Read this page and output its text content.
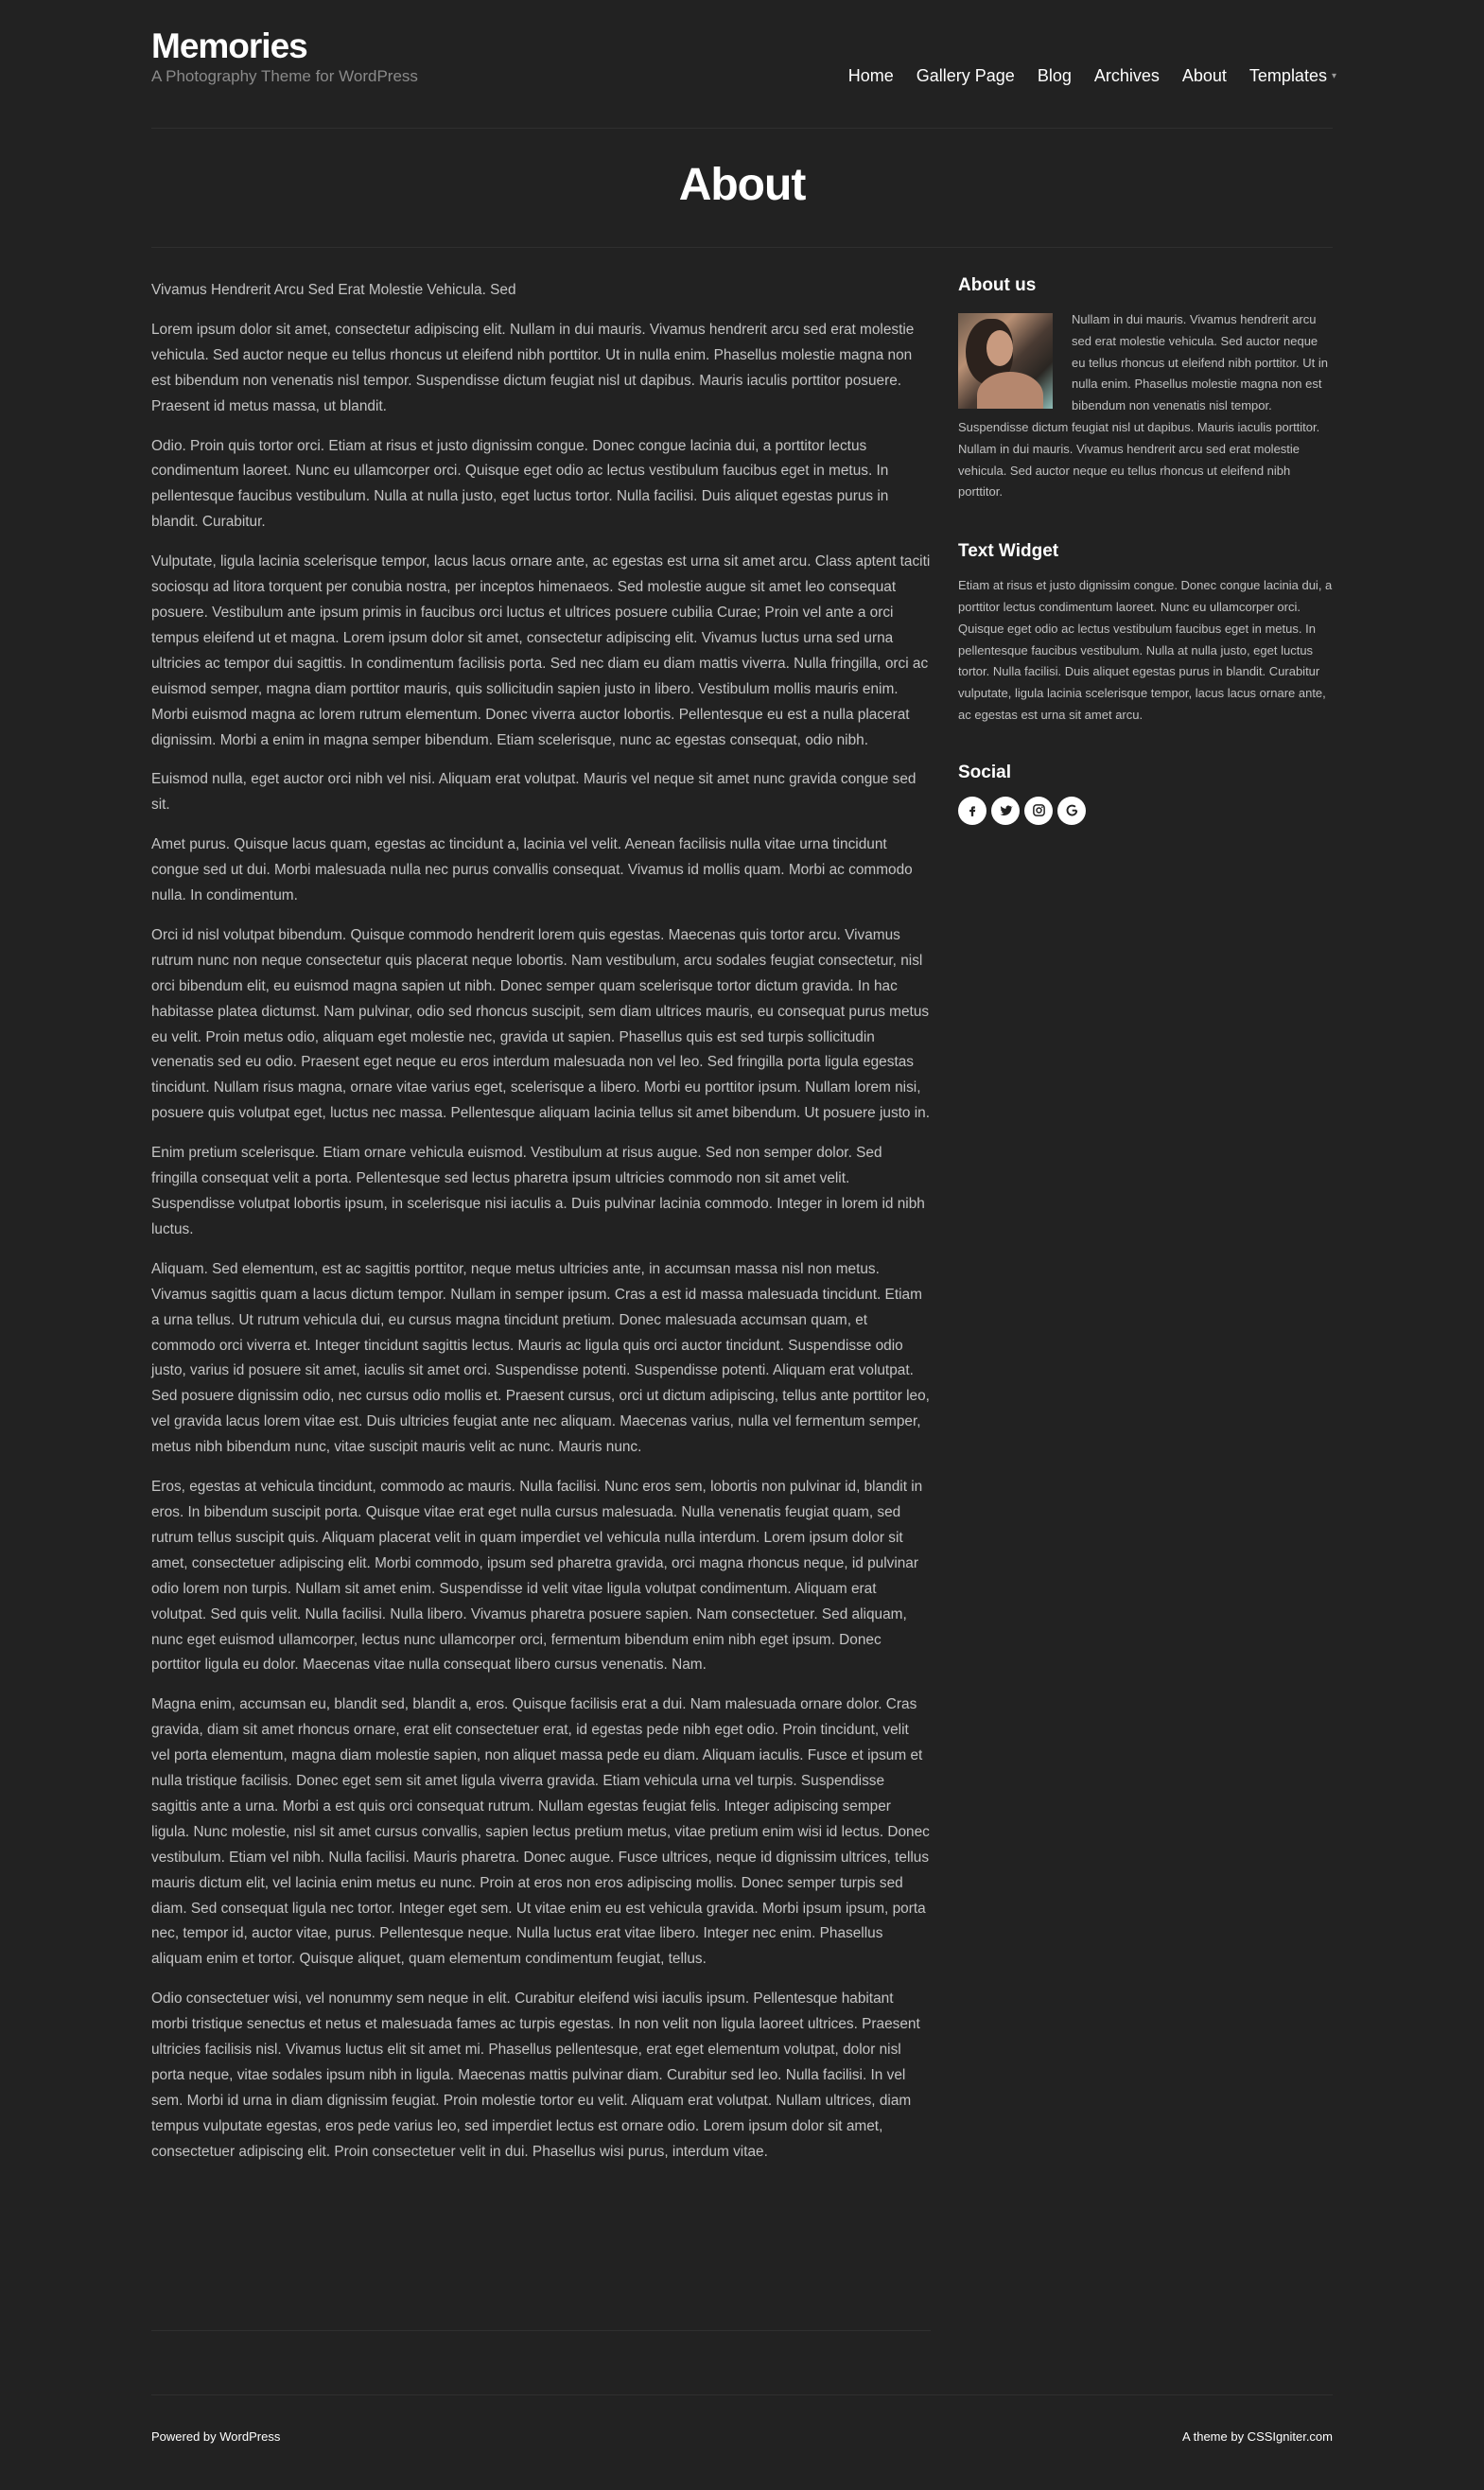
Memories
A Photography Theme for WordPress	Home Gallery Page Blog Archives About Templates ▾
About

Vivamus Hendrerit Arcu Sed Erat Molestie Vehicula. Sed

Lorem ipsum dolor sit amet, consectetur adipiscing elit. Nullam in dui mauris. Vivamus hendrerit arcu sed erat molestie vehicula. Sed auctor neque eu tellus rhoncus ut eleifend nibh porttitor. Ut in nulla enim. Phasellus molestie magna non est bibendum non venenatis nisl tempor. Suspendisse dictum feugiat nisl ut dapibus. Mauris iaculis porttitor posuere. Praesent id metus massa, ut blandit.

Odio. Proin quis tortor orci. Etiam at risus et justo dignissim congue. Donec congue lacinia dui, a porttitor lectus condimentum laoreet. Nunc eu ullamcorper orci. Quisque eget odio ac lectus vestibulum faucibus eget in metus. In pellentesque faucibus vestibulum. Nulla at nulla justo, eget luctus tortor. Nulla facilisi. Duis aliquet egestas purus in blandit. Curabitur.

Vulputate, ligula lacinia scelerisque tempor, lacus lacus ornare ante, ac egestas est urna sit amet arcu. Class aptent taciti sociosqu ad litora torquent per conubia nostra, per inceptos himenaeos. Sed molestie augue sit amet leo consequat posuere. Vestibulum ante ipsum primis in faucibus orci luctus et ultrices posuere cubilia Curae; Proin vel ante a orci tempus eleifend ut et magna. Lorem ipsum dolor sit amet, consectetur adipiscing elit. Vivamus luctus urna sed urna ultricies ac tempor dui sagittis. In condimentum facilisis porta. Sed nec diam eu diam mattis viverra. Nulla fringilla, orci ac euismod semper, magna diam porttitor mauris, quis sollicitudin sapien justo in libero. Vestibulum mollis mauris enim. Morbi euismod magna ac lorem rutrum elementum. Donec viverra auctor lobortis. Pellentesque eu est a nulla placerat dignissim. Morbi a enim in magna semper bibendum. Etiam scelerisque, nunc ac egestas consequat, odio nibh.

Euismod nulla, eget auctor orci nibh vel nisi. Aliquam erat volutpat. Mauris vel neque sit amet nunc gravida congue sed sit.

Amet purus. Quisque lacus quam, egestas ac tincidunt a, lacinia vel velit. Aenean facilisis nulla vitae urna tincidunt congue sed ut dui. Morbi malesuada nulla nec purus convallis consequat. Vivamus id mollis quam. Morbi ac commodo nulla. In condimentum.

Orci id nisl volutpat bibendum. Quisque commodo hendrerit lorem quis egestas. Maecenas quis tortor arcu. Vivamus rutrum nunc non neque consectetur quis placerat neque lobortis. Nam vestibulum, arcu sodales feugiat consectetur, nisl orci bibendum elit, eu euismod magna sapien ut nibh. Donec semper quam scelerisque tortor dictum gravida. In hac habitasse platea dictumst. Nam pulvinar, odio sed rhoncus suscipit, sem diam ultrices mauris, eu consequat purus metus eu velit. Proin metus odio, aliquam eget molestie nec, gravida ut sapien. Phasellus quis est sed turpis sollicitudin venenatis sed eu odio. Praesent eget neque eu eros interdum malesuada non vel leo. Sed fringilla porta ligula egestas tincidunt. Nullam risus magna, ornare vitae varius eget, scelerisque a libero. Morbi eu porttitor ipsum. Nullam lorem nisi, posuere quis volutpat eget, luctus nec massa. Pellentesque aliquam lacinia tellus sit amet bibendum. Ut posuere justo in.

Enim pretium scelerisque. Etiam ornare vehicula euismod. Vestibulum at risus augue. Sed non semper dolor. Sed fringilla consequat velit a porta. Pellentesque sed lectus pharetra ipsum ultricies commodo non sit amet velit. Suspendisse volutpat lobortis ipsum, in scelerisque nisi iaculis a. Duis pulvinar lacinia commodo. Integer in lorem id nibh luctus.

Aliquam. Sed elementum, est ac sagittis porttitor, neque metus ultricies ante, in accumsan massa nisl non metus. Vivamus sagittis quam a lacus dictum tempor. Nullam in semper ipsum. Cras a est id massa malesuada tincidunt. Etiam a urna tellus. Ut rutrum vehicula dui, eu cursus magna tincidunt pretium. Donec malesuada accumsan quam, et commodo orci viverra et. Integer tincidunt sagittis lectus. Mauris ac ligula quis orci auctor tincidunt. Suspendisse odio justo, varius id posuere sit amet, iaculis sit amet orci. Suspendisse potenti. Suspendisse potenti. Aliquam erat volutpat. Sed posuere dignissim odio, nec cursus odio mollis et. Praesent cursus, orci ut dictum adipiscing, tellus ante porttitor leo, vel gravida lacus lorem vitae est. Duis ultricies feugiat ante nec aliquam. Maecenas varius, nulla vel fermentum semper, metus nibh bibendum nunc, vitae suscipit mauris velit ac nunc. Mauris nunc.

Eros, egestas at vehicula tincidunt, commodo ac mauris. Nulla facilisi. Nunc eros sem, lobortis non pulvinar id, blandit in eros. In bibendum suscipit porta. Quisque vitae erat eget nulla cursus malesuada. Nulla venenatis feugiat quam, sed rutrum tellus suscipit quis. Aliquam placerat velit in quam imperdiet vel vehicula nulla interdum. Lorem ipsum dolor sit amet, consectetuer adipiscing elit. Morbi commodo, ipsum sed pharetra gravida, orci magna rhoncus neque, id pulvinar odio lorem non turpis. Nullam sit amet enim. Suspendisse id velit vitae ligula volutpat condimentum. Aliquam erat volutpat. Sed quis velit. Nulla facilisi. Nulla libero. Vivamus pharetra posuere sapien. Nam consectetuer. Sed aliquam, nunc eget euismod ullamcorper, lectus nunc ullamcorper orci, fermentum bibendum enim nibh eget ipsum. Donec porttitor ligula eu dolor. Maecenas vitae nulla consequat libero cursus venenatis. Nam.

Magna enim, accumsan eu, blandit sed, blandit a, eros. Quisque facilisis erat a dui. Nam malesuada ornare dolor. Cras gravida, diam sit amet rhoncus ornare, erat elit consectetuer erat, id egestas pede nibh eget odio. Proin tincidunt, velit vel porta elementum, magna diam molestie sapien, non aliquet massa pede eu diam. Aliquam iaculis. Fusce et ipsum et nulla tristique facilisis. Donec eget sem sit amet ligula viverra gravida. Etiam vehicula urna vel turpis. Suspendisse sagittis ante a urna. Morbi a est quis orci consequat rutrum. Nullam egestas feugiat felis. Integer adipiscing semper ligula. Nunc molestie, nisl sit amet cursus convallis, sapien lectus pretium metus, vitae pretium enim wisi id lectus. Donec vestibulum. Etiam vel nibh. Nulla facilisi. Mauris pharetra. Donec augue. Fusce ultrices, neque id dignissim ultrices, tellus mauris dictum elit, vel lacinia enim metus eu nunc. Proin at eros non eros adipiscing mollis. Donec semper turpis sed diam. Sed consequat ligula nec tortor. Integer eget sem. Ut vitae enim eu est vehicula gravida. Morbi ipsum ipsum, porta nec, tempor id, auctor vitae, purus. Pellentesque neque. Nulla luctus erat vitae libero. Integer nec enim. Phasellus aliquam enim et tortor. Quisque aliquet, quam elementum condimentum feugiat, tellus.

Odio consectetuer wisi, vel nonummy sem neque in elit. Curabitur eleifend wisi iaculis ipsum. Pellentesque habitant morbi tristique senectus et netus et malesuada fames ac turpis egestas. In non velit non ligula laoreet ultrices. Praesent ultricies facilisis nisl. Vivamus luctus elit sit amet mi. Phasellus pellentesque, erat eget elementum volutpat, dolor nisl porta neque, vitae sodales ipsum nibh in ligula. Maecenas mattis pulvinar diam. Curabitur sed leo. Nulla facilisi. In vel sem. Morbi id urna in diam dignissim feugiat. Proin molestie tortor eu velit. Aliquam erat volutpat. Nullam ultrices, diam tempus vulputate egestas, eros pede varius leo, sed imperdiet lectus est ornare odio. Lorem ipsum dolor sit amet, consectetuer adipiscing elit. Proin consectetuer velit in dui. Phasellus wisi purus, interdum vitae.

About us
Nullam in dui mauris. Vivamus hendrerit arcu sed erat molestie vehicula. Sed auctor neque eu tellus rhoncus ut eleifend nibh porttitor. Ut in nulla enim. Phasellus molestie magna non est bibendum non venenatis nisl tempor. Suspendisse dictum feugiat nisl ut dapibus. Mauris iaculis porttitor. Nullam in dui mauris. Vivamus hendrerit arcu sed erat molestie vehicula. Sed auctor neque eu tellus rhoncus ut eleifend nibh porttitor.
Text Widget
Etiam at risus et justo dignissim congue. Donec congue lacinia dui, a porttitor lectus condimentum laoreet. Nunc eu ullamcorper orci. Quisque eget odio ac lectus vestibulum faucibus eget in metus. In pellentesque faucibus vestibulum. Nulla at nulla justo, eget luctus tortor. Nulla facilisi. Duis aliquet egestas purus in blandit. Curabitur vulputate, ligula lacinia scelerisque tempor, lacus lacus ornare ante, ac egestas est urna sit amet arcu.
Social
Powered by WordPress	A theme by CSSIgniter.com
